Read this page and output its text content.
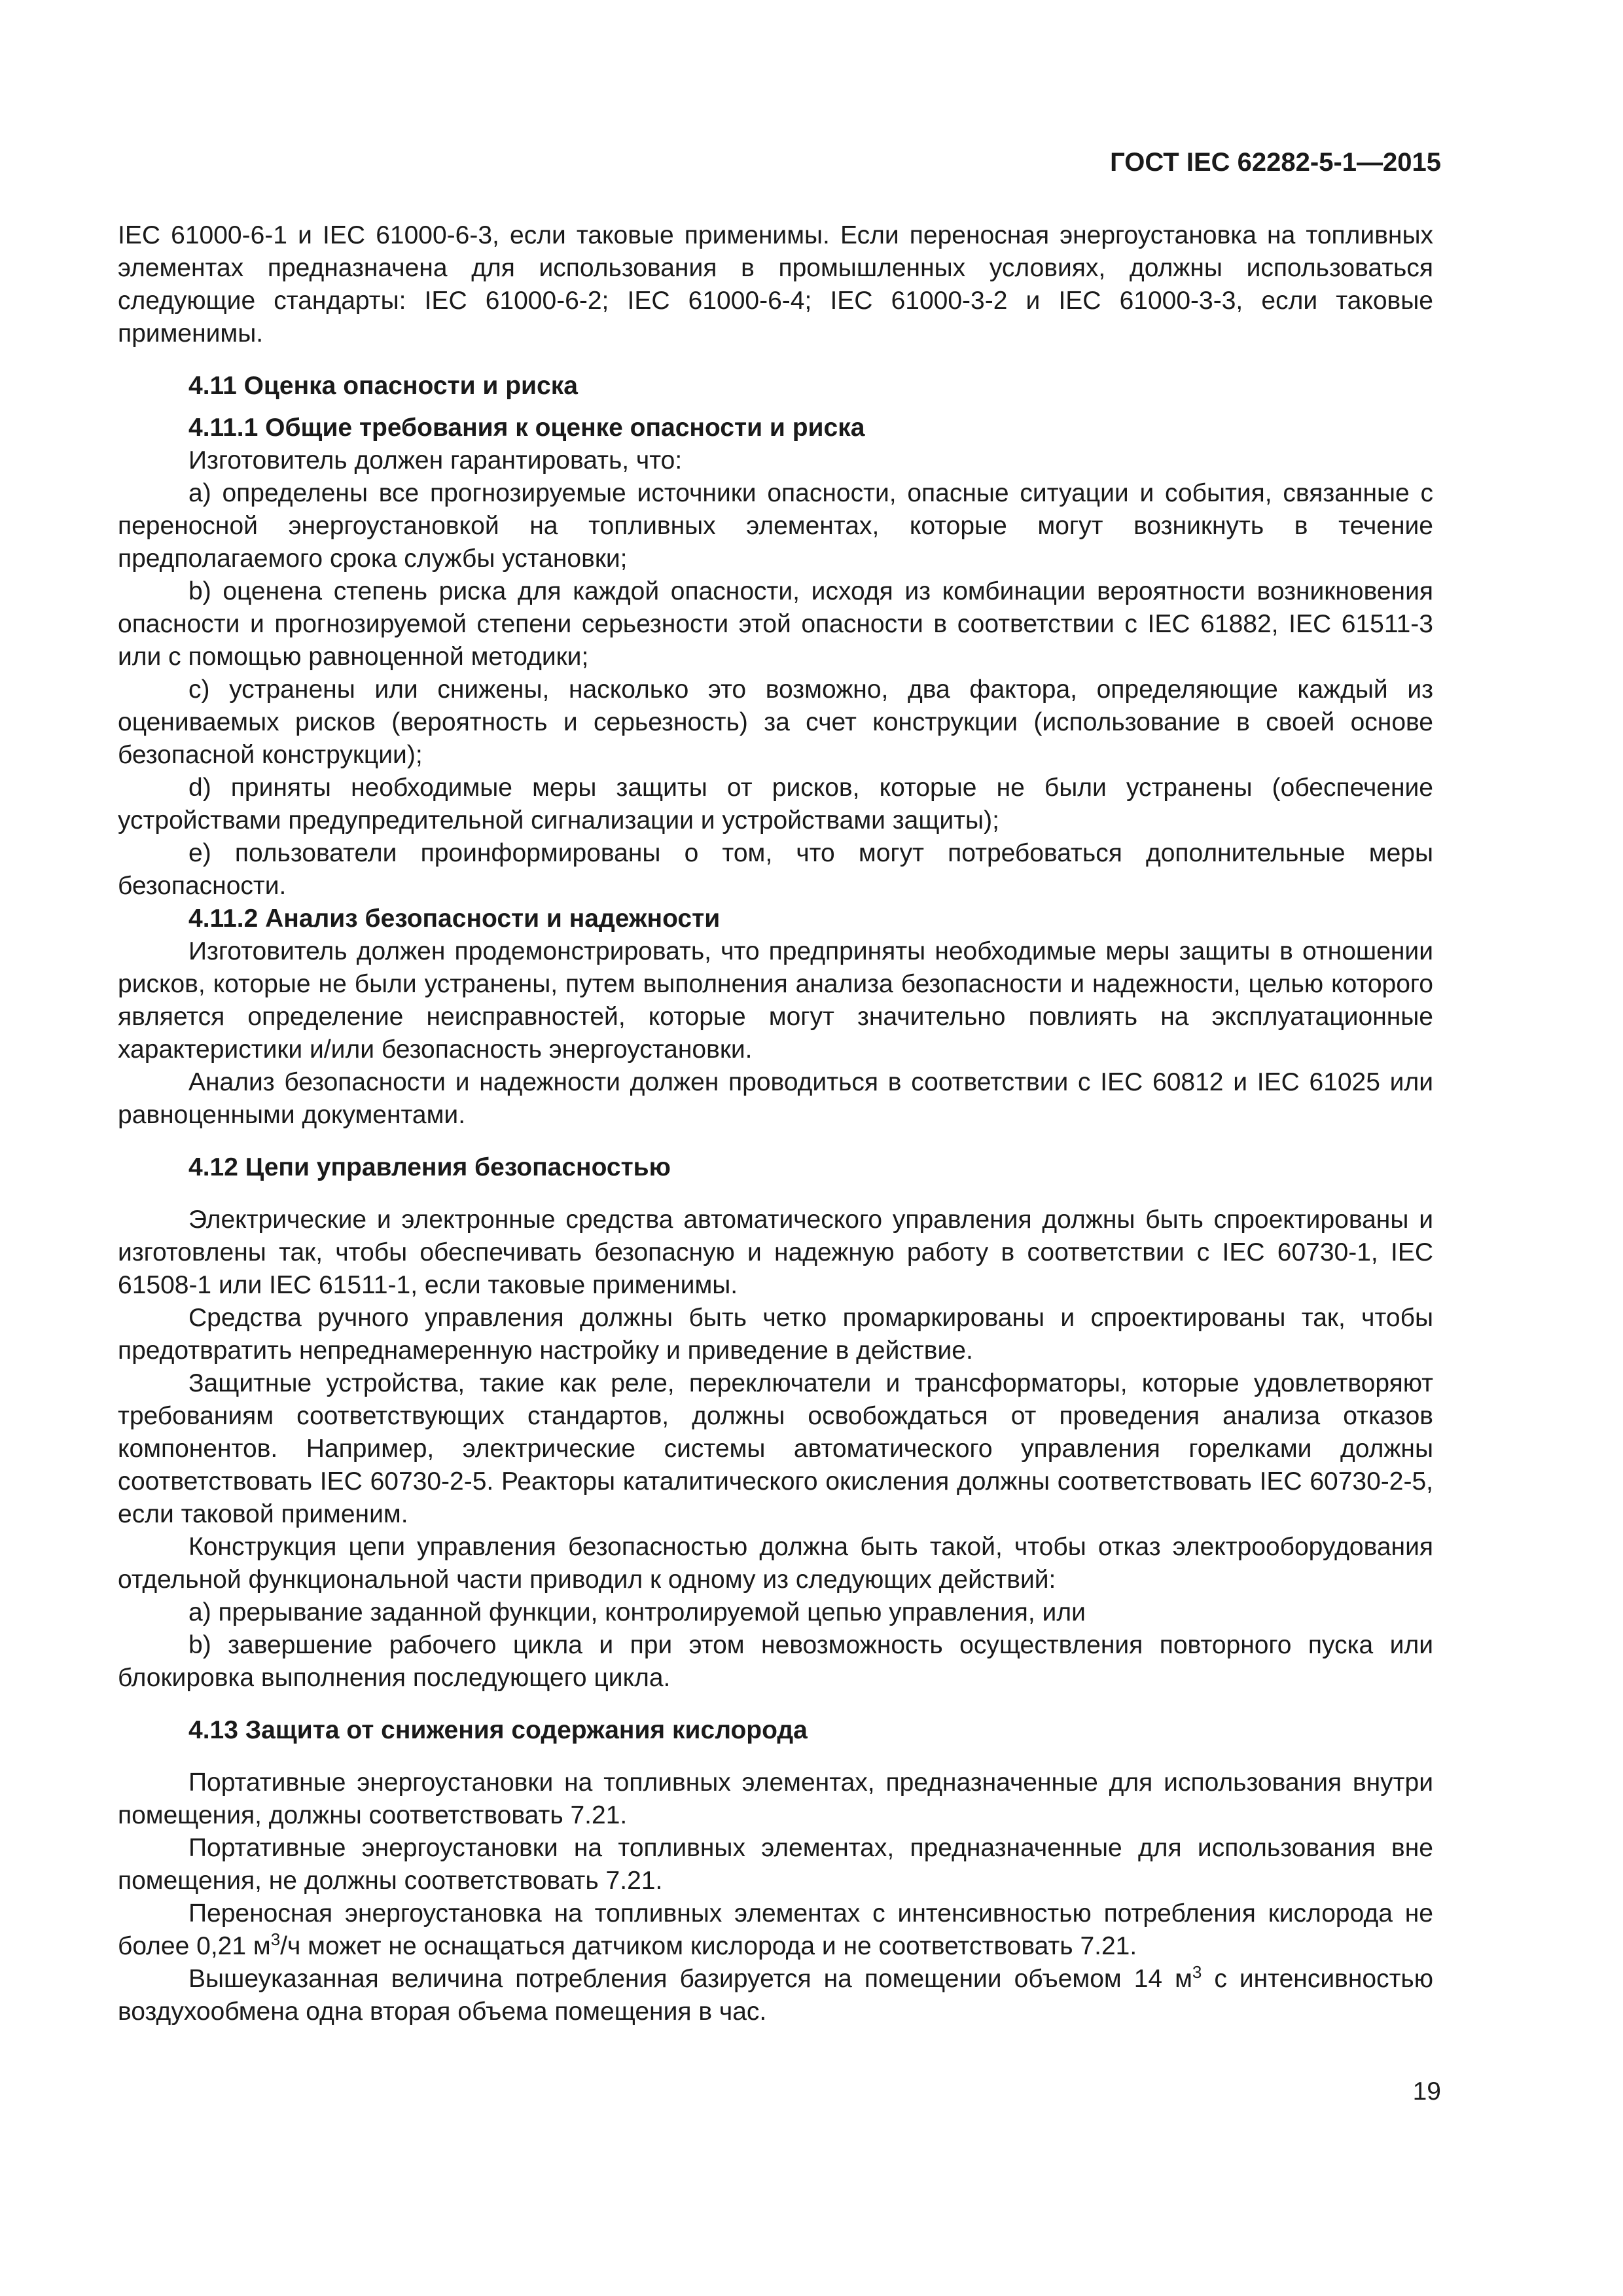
ГОСТ IEC 62282-5-1—2015

IEC 61000-6-1 и IEC 61000-6-3, если таковые применимы. Если переносная энергоустановка на топливных элементах предназначена для использования в промышленных условиях, должны использоваться следующие стандарты: IEC 61000-6-2; IEC 61000-6-4; IEC 61000-3-2 и IEC 61000-3-3, если таковые применимы.

4.11 Оценка опасности и риска

4.11.1 Общие требования к оценке опасности и риска

Изготовитель должен гарантировать, что:

а) определены все прогнозируемые источники опасности, опасные ситуации и события, связанные с переносной энергоустановкой на топливных элементах, которые могут возникнуть в течение предполагаемого срока службы установки;

b) оценена степень риска для каждой опасности, исходя из комбинации вероятности возникновения опасности и прогнозируемой степени серьезности этой опасности в соответствии с IEC 61882, IEC 61511-3 или с помощью равноценной методики;

с) устранены или снижены, насколько это возможно, два фактора, определяющие каждый из оцениваемых рисков (вероятность и серьезность) за счет конструкции (использование в своей основе безопасной конструкции);

d) приняты необходимые меры защиты от рисков, которые не были устранены (обеспечение устройствами предупредительной сигнализации и устройствами защиты);

е) пользователи проинформированы о том, что могут потребоваться дополнительные меры безопасности.

4.11.2 Анализ безопасности и надежности

Изготовитель должен продемонстрировать, что предприняты необходимые меры защиты в отношении рисков, которые не были устранены, путем выполнения анализа безопасности и надежности, целью которого является определение неисправностей, которые могут значительно повлиять на эксплуатационные характеристики и/или безопасность энергоустановки.

Анализ безопасности и надежности должен проводиться в соответствии с IEC 60812 и IEC 61025 или равноценными документами.

4.12 Цепи управления безопасностью

Электрические и электронные средства автоматического управления должны быть спроектированы и изготовлены так, чтобы обеспечивать безопасную и надежную работу в соответствии с IEC 60730-1, IEC 61508-1 или IEC 61511-1, если таковые применимы.

Средства ручного управления должны быть четко промаркированы и спроектированы так, чтобы предотвратить непреднамеренную настройку и приведение в действие.

Защитные устройства, такие как реле, переключатели и трансформаторы, которые удовлетворяют требованиям соответствующих стандартов, должны освобождаться от проведения анализа отказов компонентов. Например, электрические системы автоматического управления горелками должны соответствовать IEC 60730-2-5. Реакторы каталитического окисления должны соответствовать IEC 60730-2-5, если таковой применим.

Конструкция цепи управления безопасностью должна быть такой, чтобы отказ электрооборудования отдельной функциональной части приводил к одному из следующих действий:

а) прерывание заданной функции, контролируемой цепью управления, или

b) завершение рабочего цикла и при этом невозможность осуществления повторного пуска или блокировка выполнения последующего цикла.

4.13 Защита от снижения содержания кислорода

Портативные энергоустановки на топливных элементах, предназначенные для использования внутри помещения, должны соответствовать 7.21.

Портативные энергоустановки на топливных элементах, предназначенные для использования вне помещения, не должны соответствовать 7.21.

Переносная энергоустановка на топливных элементах с интенсивностью потребления кислорода не более 0,21 $м^3/ч$ может не оснащаться датчиком кислорода и не соответствовать 7.21.

Вышеуказанная величина потребления базируется на помещении объемом 14 $м^3$ с интенсивностью воздухообмена одна вторая объема помещения в час.

19
